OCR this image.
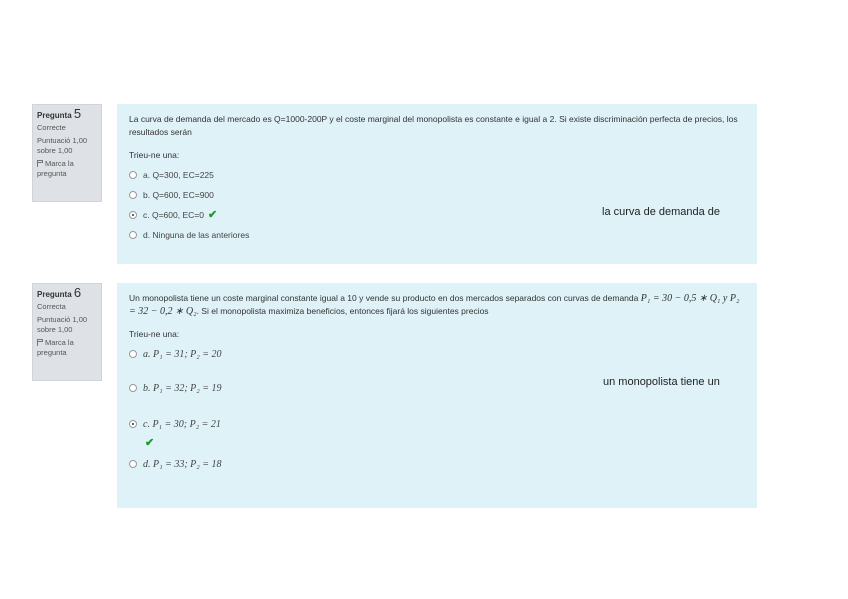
Pregunta 5
Correcte
Puntuació 1,00 sobre 1,00
Marca la pregunta
La curva de demanda del mercado es Q=1000-200P y el coste marginal del monopolista es constante e igual a 2. Si existe discriminación perfecta de precios, los resultados serán
Trieu-ne una:
a. Q=300, EC=225
b. Q=600, EC=900
c. Q=600, EC=0 ✔
d. Ninguna de las anteriores
Pregunta 6
Correcta
Puntuació 1,00 sobre 1,00
Marca la pregunta
Un monopolista tiene un coste marginal constante igual a 10 y vende su producto en dos mercados separados con curvas de demanda P₁ = 30 − 0,5 ∗ Q₁ y P₂ = 32 − 0,2 ∗ Q₂. Si el monopolista maximiza beneficios, entonces fijará los siguientes precios
Trieu-ne una:
a. P₁ = 31; P₂ = 20
b. P₁ = 32; P₂ = 19
c. P₁ = 30; P₂ = 21
✔
d. P₁ = 33; P₂ = 18
la curva de demanda de
un monopolista tiene un
